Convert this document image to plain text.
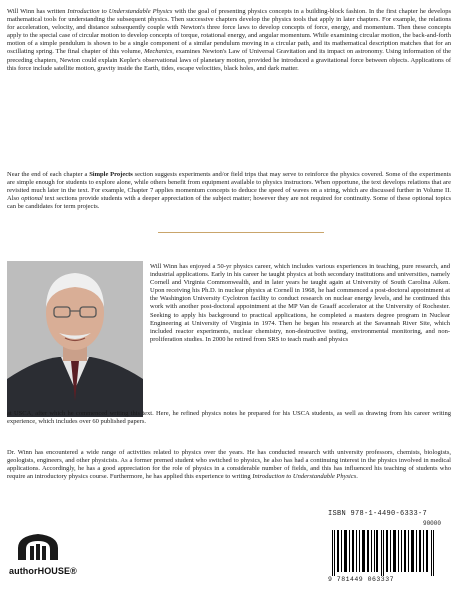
Will Winn has written Introduction to Understandable Physics with the goal of presenting physics concepts in a building-block fashion. In the first chapter he develops mathematical tools for understanding the subsequent physics. Then successive chapters develop the physics tools that apply in later chapters. For example, the relations for acceleration, velocity, and distance subsequently couple with Newton's three force laws to develop concepts of force, energy, and momentum. Then these concepts apply to the special case of circular motion to develop concepts of torque, rotational energy, and angular momentum. While examining circular motion, the back-and-forth motion of a simple pendulum is shown to be a single component of a similar pendulum moving in a circular path, and its mathematical description matches that for an oscillating spring. The final chapter of this volume, Mechanics, examines Newton's Law of Universal Gravitation and its impact on astronomy. Using information of the preceding chapters, Newton could explain Kepler's observational laws of planetary motion, provided he introduced a gravitational force between objects. Applications of this force include satellite motion, gravity inside the Earth, tides, escape velocities, black holes, and dark matter.

Near the end of each chapter a Simple Projects section suggests experiments and/or field trips that may serve to reinforce the physics covered. Some of the experiments are simple enough for students to explore alone, while others benefit from equipment available to physics instructors. When opportune, the text develops relations that are revisited much later in the text. For example, Chapter 7 applies momentum concepts to deduce the speed of waves on a string, which are discussed further in Volume II. Also optional text sections provide students with a deeper appreciation of the subject matter; however they are not required for continuity. Some of these optional topics can be candidates for term projects.

Will Winn has enjoyed a 50-yr physics career, which includes various experiences in teaching, pure research, and industrial applications. Early in his career he taught physics at both secondary institutions and universities, namely Cornell and Virginia Commonwealth, and in later years he taught again at University of South Carolina Aiken. Upon receiving his Ph.D. in nuclear physics at Cornell in 1968, he had commenced a post-doctoral appointment at the Washington University Cyclotron facility to conduct research on nuclear energy levels, and he continued this work with another post-doctoral appointment at the MP Van de Graaff accelerator at the University of Rochester. Seeking to apply his background to practical applications, he completed a masters degree program in Nuclear Engineering at University of Virginia in 1974. Then he began his research at the Savannah River Site, which included reactor experiments, nuclear chemistry, non-destructive testing, environmental monitoring, and non-proliferation studies. In 2000 he retired from SRS to teach math and physics

at USCA, after which he commenced writing this text. Here, he refined physics notes he prepared for his USCA students, as well as drawing from his career writing experience, which includes over 60 published papers.

Dr. Winn has encountered a wide range of activities related to physics over the years. He has conducted research with university professors, chemists, biologists, geologists, engineers, and other physicists. As a former premed student who switched to physics, he also has had a continuing interest in the physics involved in medical applications. Accordingly, he has a good appreciation for the role of physics in a considerable number of fields, and this has influenced his teaching of students who require an introductory physics course. Furthermore, he has applied this experience to writing Introduction to Understandable Physics.

ISBN 978-1-4490-6333-7
90000
9 781449 063337
authorHOUSE®
